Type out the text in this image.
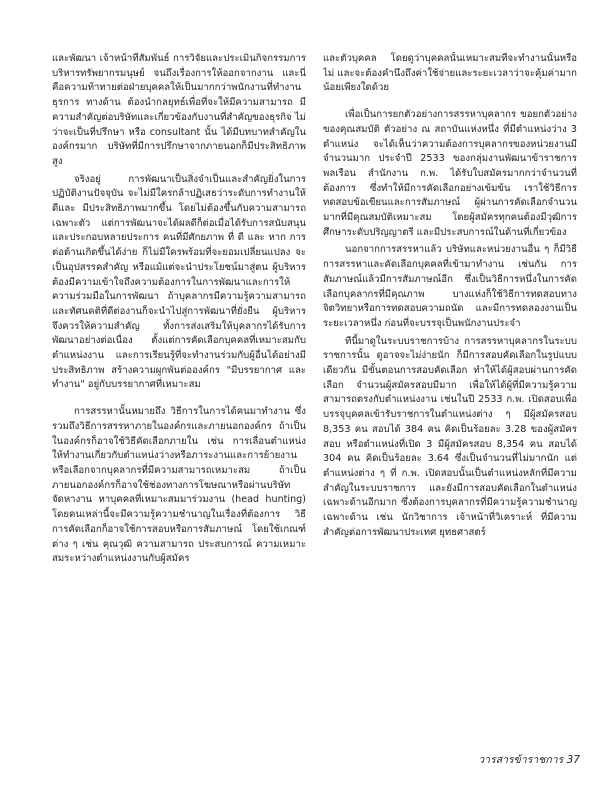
และพัฒนา เจ้าหน้าที่สัมพันธ์ การวิจัยและประเมินกิจกรรมการบริหารทรัพยากรมนุษย์ จนถึงเรื่องการให้ออกจากงาน และนี่คือความท้าทายต่อฝ่ายบุคคลให้เป็นมากกว่าพนักงานที่ทำงานธุรการ ทางด้าน ต้องนำกลยุทธ์เพื่อที่จะให้มีความสามารถ มีความสำคัญต่อบริษัทและเกี่ยวข้องกับงานที่สำคัญของธุรกิจ ไม่ว่าจะเป็นที่ปรึกษา หรือ consultant นั้น ได้มีบทบาทสำคัญในองค์กรมาก บริษัทที่มีการปรึกษาจากภายนอกก็มีประสิทธิภาพสูง

จริงอยู่ การพัฒนาเป็นสิ่งจำเป็นและสำคัญยิ่งในการปฏิบัติงานปัจจุบัน จะไม่มีใครกล้าปฏิเสธว่าระดับการทำงานให้ดีและ มีประสิทธิภาพมากขึ้น โดยไม่ต้องขึ้นกับความสามารถเฉพาะตัว แต่การพัฒนาจะได้ผลดีก็ต่อเมื่อได้รับการสนับสนุนและประกอบหลายประการ คนที่มีศักยภาพ ที่ ดี และ หาก การต่อต้านเกิดขึ้นได้ง่าย ก็ไม่มีใครพร้อมที่จะยอมเปลี่ยนแปลง จะเป็นอุปสรรคสำคัญ หรือแม้แต่จะนำประโยชน์มาสู่ตน ผู้บริหารต้องมีความเข้าใจถึงความต้องการในการพัฒนาและการให้ความร่วมมือในการพัฒนา ถ้าบุคลากรมีความรู้ความสามารถและทัศนคติที่ดีต่องานก็จะนำไปสู่การพัฒนาที่ยั่งยืน ผู้บริหารจึงควรให้ความสำคัญ ทั้งการส่งเสริมให้บุคลากรได้รับการพัฒนาอย่างต่อเนื่อง ตั้งแต่การคัดเลือกบุคคลที่เหมาะสมกับตำแหน่งงาน และการเรียนรู้ที่จะทำงานร่วมกับผู้อื่นได้อย่างมีประสิทธิภาพ สร้างความผูกพันต่อองค์กร "มีบรรยากาศ และ ทำงาน" อยู่กับบรรยากาศที่เหมาะสม

การสรรหานั้นหมายถึง วิธีการในการได้คนมาทำงาน ซึ่งรวมถึงวิธีการสรรหาภายในองค์กรและภายนอกองค์กร ถ้าเป็นในองค์กรก็อาจใช้วิธีคัดเลือกภายใน เช่น การเลื่อนตำแหน่ง ให้ทำงานเกี่ยวกับตำแหน่งว่างหรือภาระงานและการย้ายงาน หรือเลือกจากบุคลากรที่มีความสามารถเหมาะสม ถ้าเป็นภายนอกองค์กรก็อาจใช้ช่องทางการโฆษณาหรือผ่านบริษัทจัดหางาน หาบุคคลที่เหมาะสมมาร่วมงาน (head hunting) โดยคนเหล่านี้จะมีความรู้ความชำนาญในเรื่องที่ต้องการ วิธีการคัดเลือกก็อาจใช้การสอบหรือการสัมภาษณ์ โดยใช้เกณฑ์ต่าง ๆ เช่น คุณวุฒิ ความสามารถ ประสบการณ์ ความเหมาะสมระหว่างตำแหน่งงานกับผู้สมัคร

และตัวบุคคล โดยดูว่าบุคคลนั้นเหมาะสมที่จะทำงานนั้นหรือไม่ และจะต้องคำนึงถึงค่าใช้จ่ายและระยะเวลาว่าจะคุ้มค่ามากน้อยเพียงใดด้วย

เพื่อเป็นการยกตัวอย่างการสรรหาบุคลากร ขอยกตัวอย่างของคุณสมบัติ ตัวอย่าง ณ สถาบันแห่งหนึ่ง ที่มีตำแหน่งว่าง 3 ตำแหน่ง จะได้เห็นว่าความต้องการบุคลากรของหน่วยงานมีจำนวนมาก ประจำปี 2533 ของกลุ่มงานพัฒนาข้าราชการพลเรือน สำนักงาน ก.พ. ได้รับใบสมัครมากกว่าจำนวนที่ต้องการ ซึ่งทำให้มีการคัดเลือกอย่างเข้มข้น เราใช้วิธีการทดสอบข้อเขียนและการสัมภาษณ์ ผู้ผ่านการคัดเลือกจำนวนมากที่มีคุณสมบัติเหมาะสม โดยผู้สมัครทุกคนต้องมีวุฒิการศึกษาระดับปริญญาตรี และมีประสบการณ์ในด้านที่เกี่ยวข้อง

นอกจากการสรรหาแล้ว บริษัทและหน่วยงานอื่น ๆ ก็มีวิธีการสรรหาและคัดเลือกบุคคลที่เข้ามาทำงาน เช่นกัน การสัมภาษณ์แล้วมีการสัมภาษณ์อีก ซึ่งเป็นวิธีการหนึ่งในการคัดเลือกบุคลากรที่มีคุณภาพ บางแห่งก็ใช้วิธีการทดสอบทางจิตวิทยาหรือการทดสอบความถนัด และมีการทดลองงานเป็นระยะเวลาหนึ่ง ก่อนที่จะบรรจุเป็นพนักงานประจำ

ทีนี้มาดูในระบบราชการบ้าง การสรรหาบุคลากรในระบบราชการนั้น ดูอาจจะไม่ง่ายนัก ก็มีการสอบคัดเลือกในรูปแบบเดียวกัน มีขั้นตอนการสอบคัดเลือก ทำให้ได้ผู้สอบผ่านการคัดเลือก จำนวนผู้สมัครสอบมีมาก เพื่อให้ได้ผู้ที่มีความรู้ความสามารถตรงกับตำแหน่งงาน เช่นในปี 2533 ก.พ. เปิดสอบเพื่อบรรจุบุคคลเข้ารับราชการในตำแหน่งต่าง ๆ มีผู้สมัครสอบ 8,353 คน สอบได้ 384 คน คิดเป็นร้อยละ 3.28 ของผู้สมัครสอบ หรือตำแหน่งที่เปิด 3 มีผู้สมัครสอบ 8,354 คน สอบได้ 304 คน คิดเป็นร้อยละ 3.64 ซึ่งเป็นจำนวนที่ไม่มากนัก แต่ตำแหน่งต่าง ๆ ที่ ก.พ. เปิดสอบนั้นเป็นตำแหน่งหลักที่มีความสำคัญในระบบราชการ และยังมีการสอบคัดเลือกในตำแหน่งเฉพาะด้านอีกมาก ซึ่งต้องการบุคลากรที่มีความรู้ความชำนาญเฉพาะด้าน เช่น นักวิชาการ เจ้าหน้าที่วิเคราะห์ ที่มีความสำคัญต่อการพัฒนาประเทศ ยุทธศาสตร์

วารสารข้าราชการ 37
